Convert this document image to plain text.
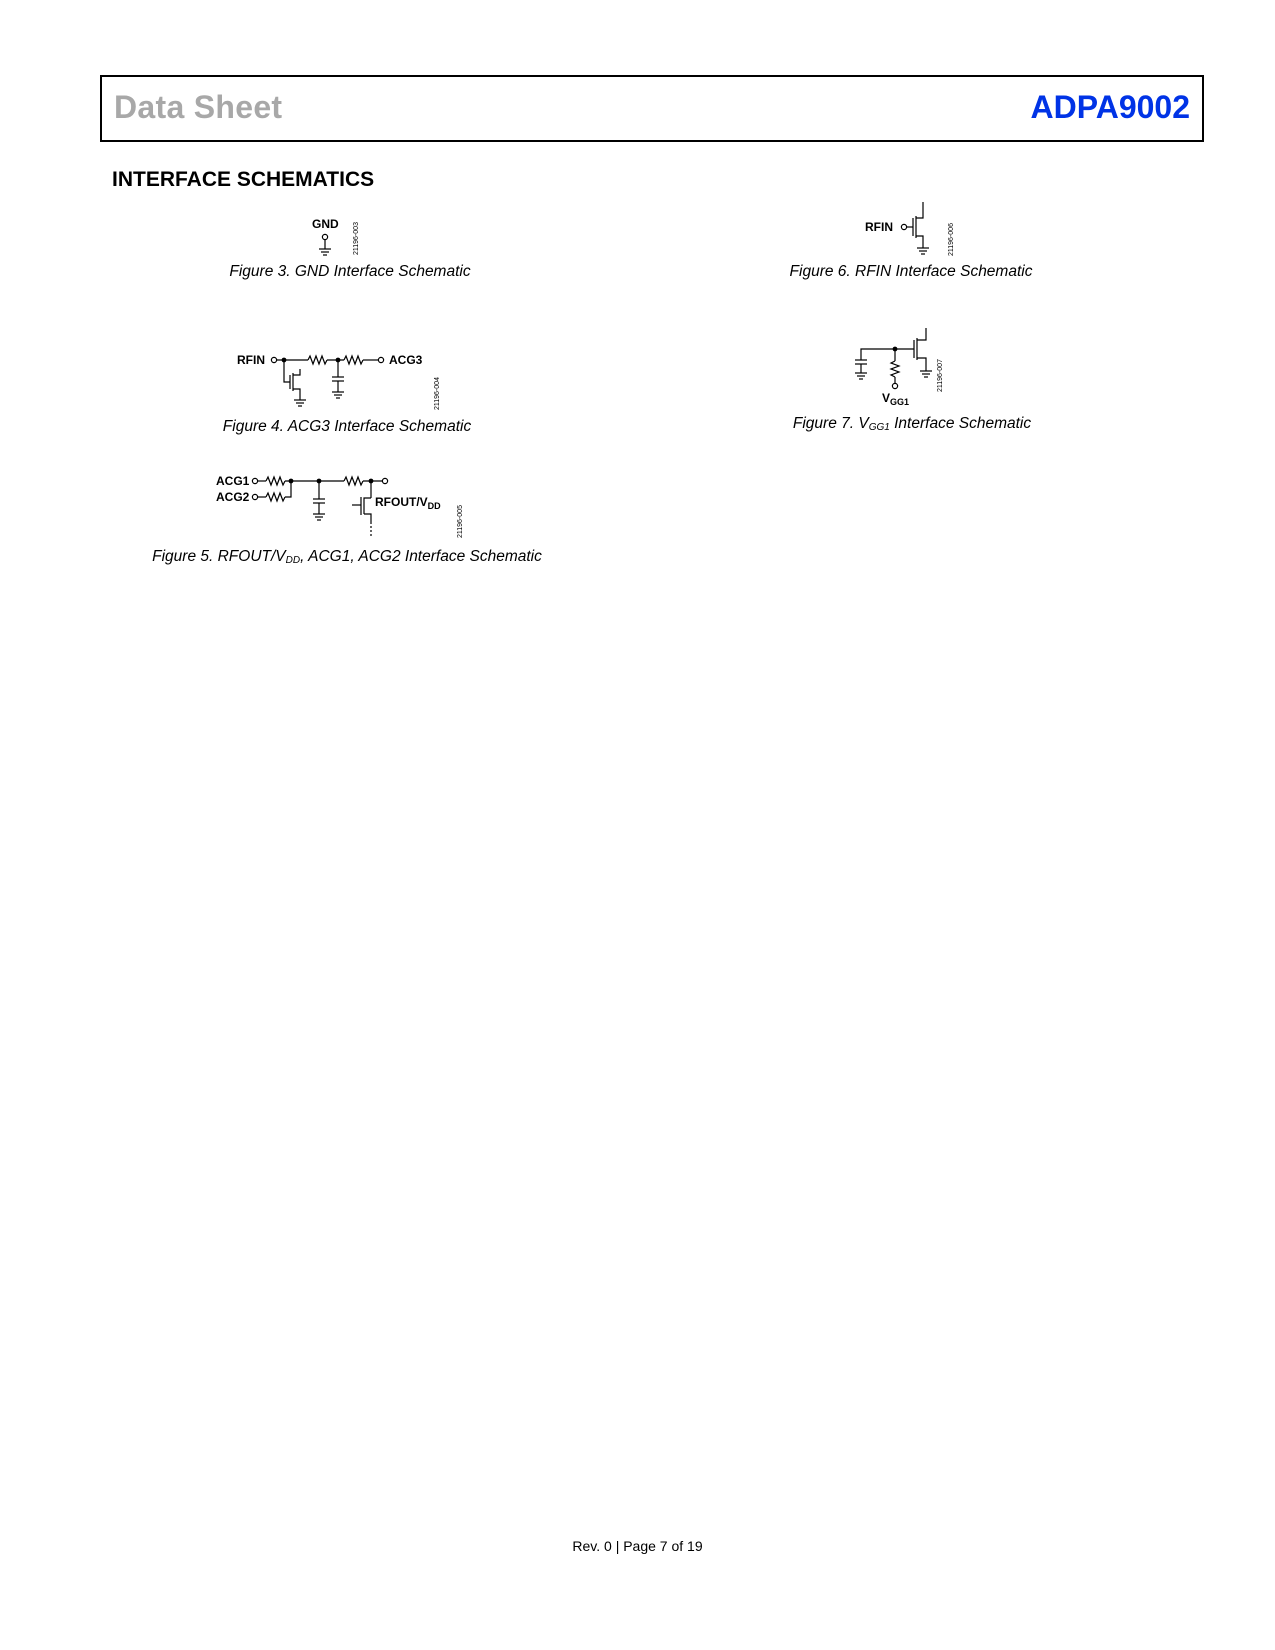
Data Sheet	ADPA9002
INTERFACE SCHEMATICS
GND 21196-003
Figure 3. GND Interface Schematic
RFIN	ACG3
21196-004
Figure 4. ACG3 Interface Schematic
ACG1
ACG2	RFOUT/$V_{DD}$ 21196-005
Figure 5. RFOUT/$V_{DD}$, ACG1, ACG2 Interface Schematic
RFIN	21196-006
Figure 6. RFIN Interface Schematic
$V_{GG1}$
21196-007
Figure 7. $V_{GG1}$ Interface Schematic
Rev. 0 | Page 7 of 19
